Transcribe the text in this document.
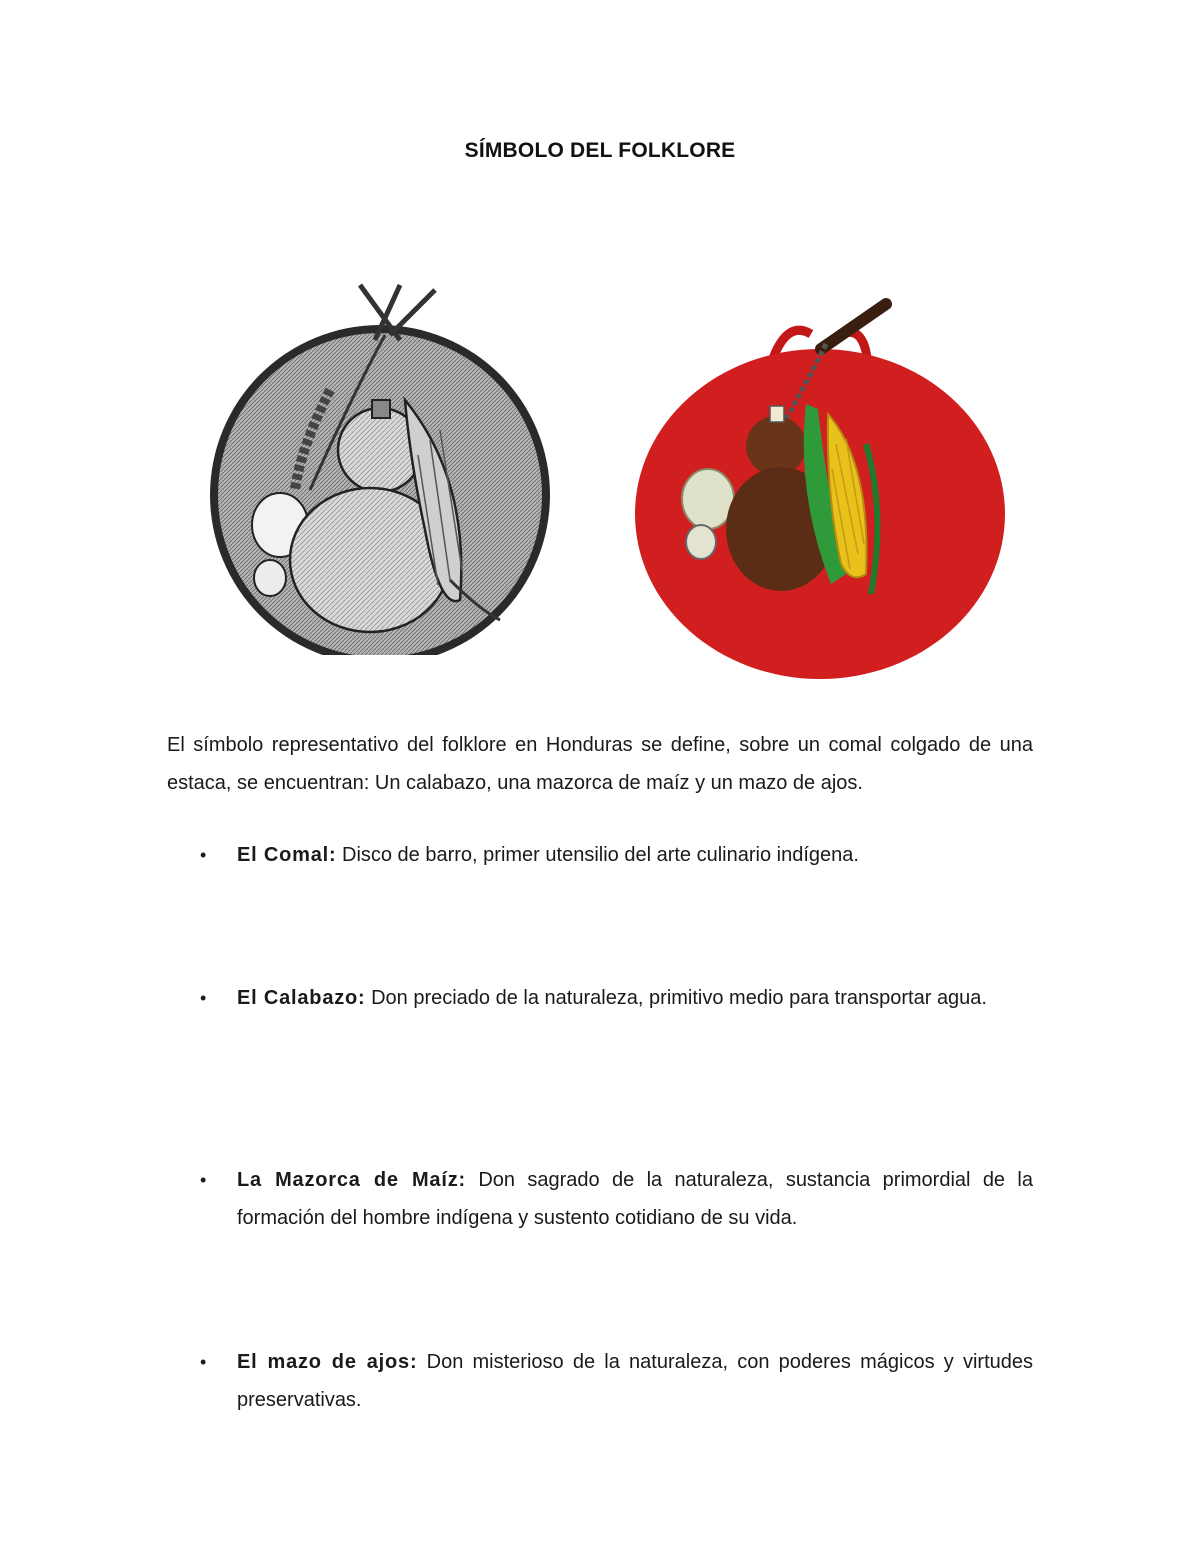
SÍMBOLO DEL FOLKLORE
El símbolo representativo del folklore en Honduras se define, sobre un comal colgado de una estaca, se encuentran: Un calabazo, una mazorca de maíz y un mazo de ajos.
•	El Comal: Disco de barro, primer utensilio del arte culinario indígena.
•	El Calabazo: Don preciado de la naturaleza, primitivo medio para transportar agua.
•	La Mazorca de Maíz: Don sagrado de la naturaleza, sustancia primordial de la formación del hombre indígena y sustento cotidiano de su vida.
•	El mazo de ajos: Don misterioso de la naturaleza, con poderes mágicos y virtudes preservativas.
